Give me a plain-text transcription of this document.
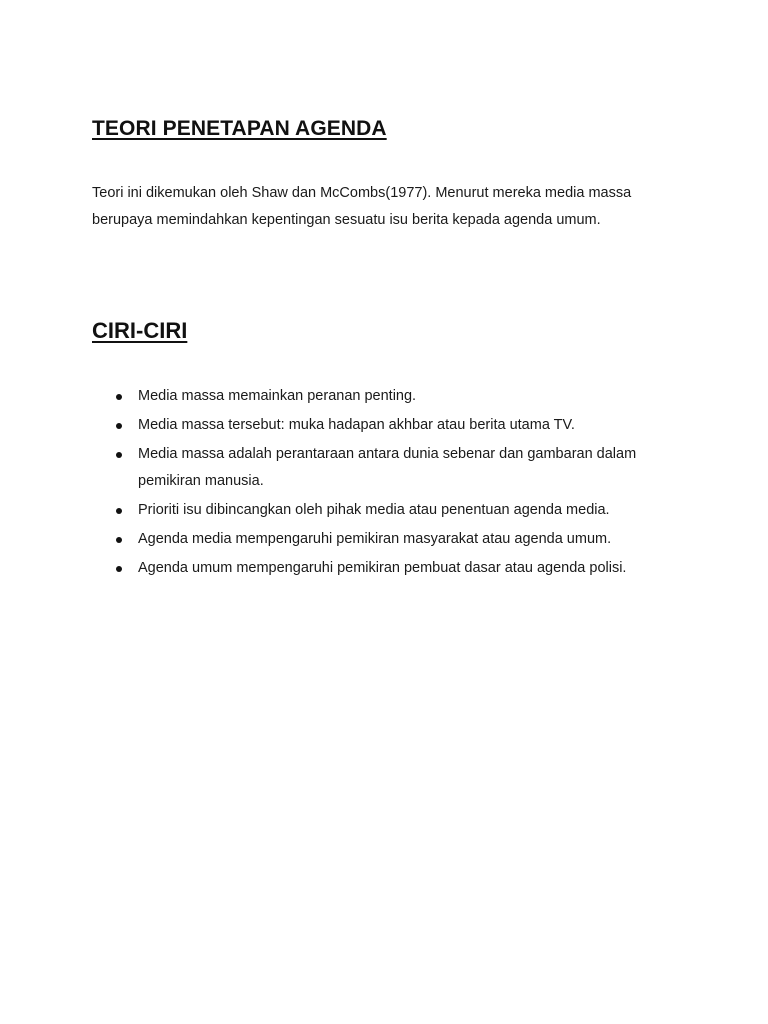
TEORI PENETAPAN AGENDA

Teori ini dikemukan oleh Shaw dan McCombs(1977). Menurut mereka media massa
berupaya memindahkan kepentingan sesuatu isu berita kepada agenda umum.

CIRI-CIRI
Media massa memainkan peranan penting.
Media massa tersebut: muka hadapan akhbar atau berita utama TV.
Media massa adalah perantaraan antara dunia sebenar dan gambaran dalam
pemikiran manusia.
Prioriti isu dibincangkan oleh pihak media atau penentuan agenda media.
Agenda media mempengaruhi pemikiran masyarakat atau agenda umum.
Agenda umum mempengaruhi pemikiran pembuat dasar atau agenda polisi.
